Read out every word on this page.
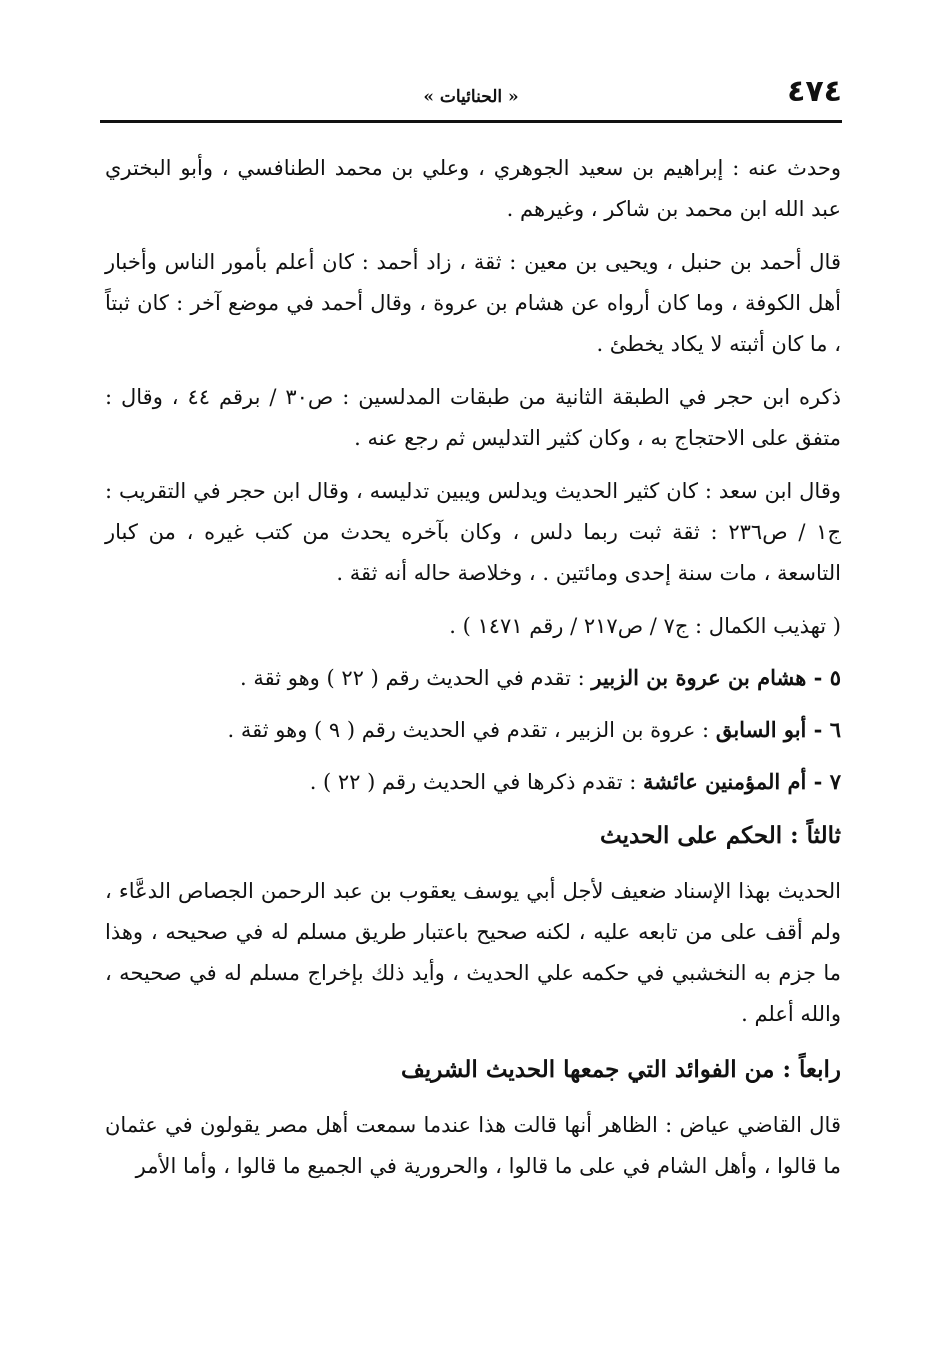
٤٧٤
« الحنائيات »

وحدث عنه : إبراهيم بن سعيد الجوهري ، وعلي بن محمد الطنافسي ، وأبو البختري عبد الله ابن محمد بن شاكر ، وغيرهم .

قال أحمد بن حنبل ، ويحيى بن معين : ثقة ، زاد أحمد : كان أعلم بأمور الناس وأخبار أهل الكوفة ، وما كان أرواه عن هشام بن عروة ، وقال أحمد في موضع آخر : كان ثبتاً ، ما كان أثبته لا يكاد يخطئ .

ذكره ابن حجر في الطبقة الثانية من طبقات المدلسين : ص٣٠ / برقم ٤٤ ، وقال : متفق على الاحتجاج به ، وكان كثير التدليس ثم رجع عنه .

وقال ابن سعد : كان كثير الحديث ويدلس ويبين تدليسه ، وقال ابن حجر في التقريب : ج١ / ص٢٣٦ : ثقة ثبت ربما دلس ، وكان بآخره يحدث من كتب غيره ، من كبار التاسعة ، مات سنة إحدى ومائتين . ، وخلاصة حاله أنه ثقة .

( تهذيب الكمال : ج٧ / ص٢١٧ / رقم ١٤٧١ ) .

٥ - هشام بن عروة بن الزبير : تقدم في الحديث رقم ( ٢٢ ) وهو ثقة .

٦ - أبو السابق : عروة بن الزبير ، تقدم في الحديث رقم ( ٩ ) وهو ثقة .

٧ - أم المؤمنين عائشة : تقدم ذكرها في الحديث رقم ( ٢٢ ) .

ثالثاً : الحكم على الحديث

الحديث بهذا الإسناد ضعيف لأجل أبي يوسف يعقوب بن عبد الرحمن الجصاص الدعَّاء ، ولم أقف على من تابعه عليه ، لكنه صحيح باعتبار طريق مسلم له في صحيحه ، وهذا ما جزم به النخشبي في حكمه علي الحديث ، وأيد ذلك بإخراج مسلم له في صحيحه ، والله أعلم .

رابعاً : من الفوائد التي جمعها الحديث الشريف

قال القاضي عياض : الظاهر أنها قالت هذا عندما سمعت أهل مصر يقولون في عثمان ما قالوا ، وأهل الشام في على ما قالوا ، والحرورية في الجميع ما قالوا ، وأما الأمر
